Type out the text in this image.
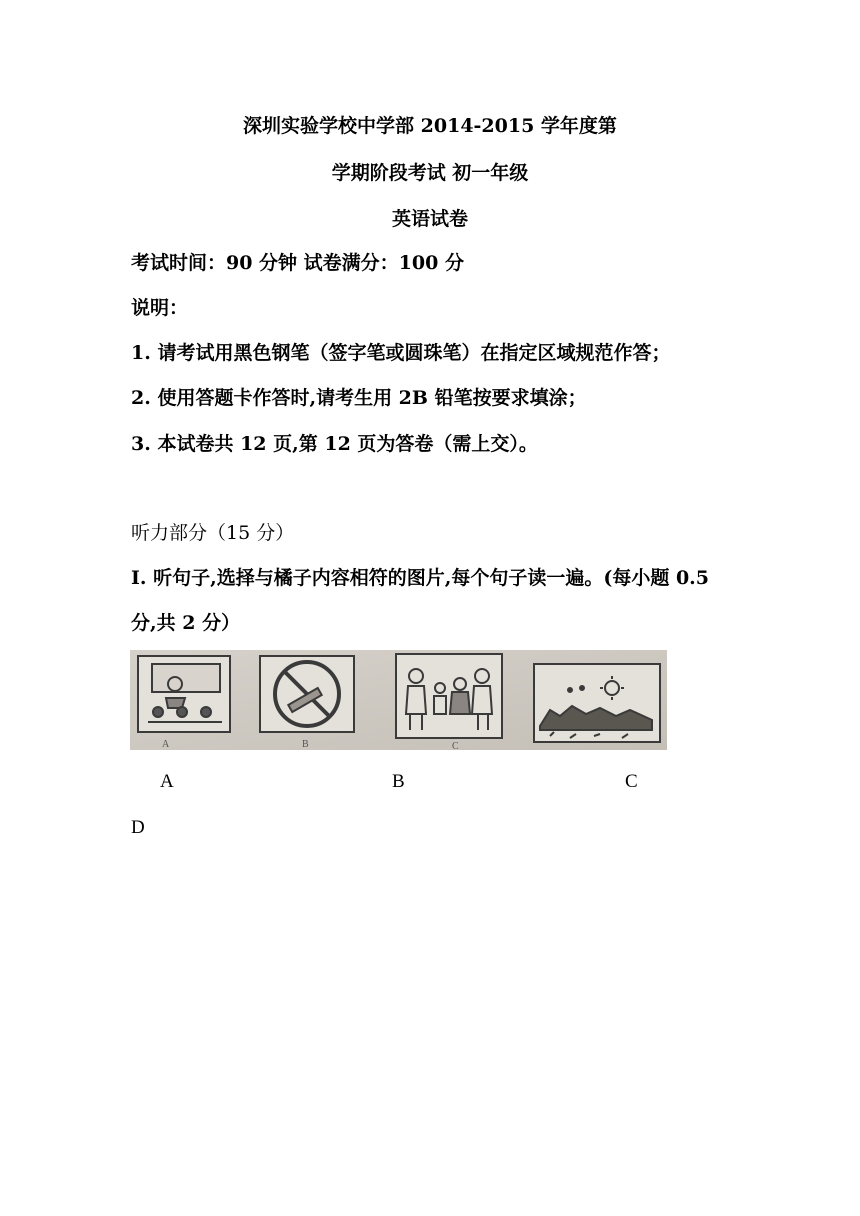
深圳实验学校中学部 2014-2015 学年度第
学期阶段考试 初一年级
英语试卷
考试时间：90 分钟 试卷满分：100 分
说明：
1. 请考试用黑色钢笔（签字笔或圆珠笔）在指定区域规范作答；
2. 使用答题卡作答时,请考生用 2B 铅笔按要求填涂；
3. 本试卷共 12 页,第 12 页为答卷（需上交）。
听力部分（15 分）
I. 听句子,选择与橘子内容相符的图片,每个句子读一遍。(每小题 0.5
分,共 2 分）
A	B	C
A	B	C
D
